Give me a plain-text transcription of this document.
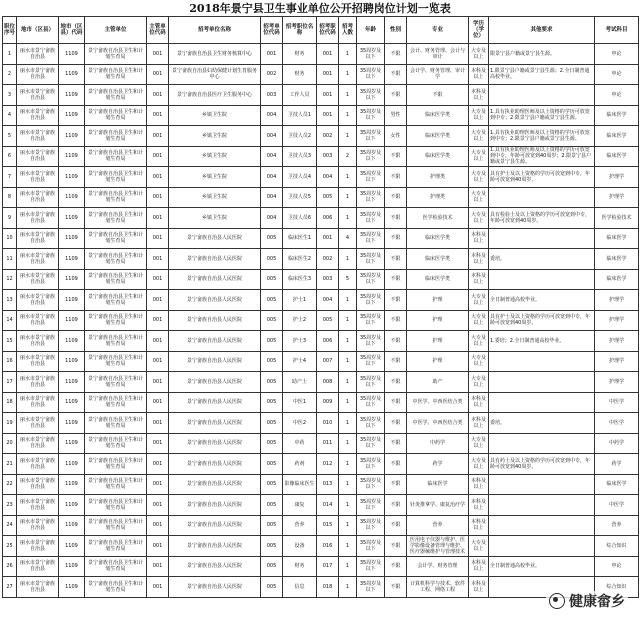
2018年景宁县卫生事业单位公开招聘岗位计划一览表
职位序号	地市（区县）	地市（区县）代码	主管单位	主管单位代码	招考单位名称	招考单位代码	招考职位名称	招考职位代码	招考人数	年龄	性别	专业	学历（学位）	其他要求	考试科目
1	丽水市景宁畲族自治县	1109	景宁畲族自治县卫生和计划生育局	001	景宁畲族自治县卫生财务核算中心	001	财务	001	1	35周岁及以下	不限	会计、财务管理、会计与审计	大专及以上	限景宁县户籍或景宁县生源。	申论
2	丽水市景宁畲族自治县	1109	景宁畲族自治县卫生和计划生育局	001	景宁畲族自治县妇幼保健计划生育服务中心	002	财务	001	1	35周岁及以下	不限	会计学、财务管理、审计学	本科及以上	1.限景宁县户籍或景宁县生源；2.全日制普通高校毕业。	申论
3	丽水市景宁畲族自治县	1109	景宁畲族自治县卫生和计划生育局	001	景宁畲族自治县医疗卫生服务中心	003	工作人员	001	1	35周岁及以下	不限	不限	本科及以上		申论
4	丽水市景宁畲族自治县	1109	景宁畲族自治县卫生和计划生育局	001	乡镇卫生院	004	卫技人员1	001	1	35周岁及以下	男性	临床医学类	大专及以上	1.具有执业助理医师及以上资格的学历可放宽到中专；2.限景宁县户籍或景宁县生源。	临床医学
5	丽水市景宁畲族自治县	1109	景宁畲族自治县卫生和计划生育局	001	乡镇卫生院	004	卫技人员2	002	1	35周岁及以下	女性	临床医学类	大专及以上	1.具有执业助理医师及以上资格的学历可放宽到中专；2.限景宁县户籍或景宁县生源。	临床医学
6	丽水市景宁畲族自治县	1109	景宁畲族自治县卫生和计划生育局	001	乡镇卫生院	004	卫技人员3	003	2	35周岁及以下	不限	临床医学类	大专及以上	1.具有执业助理医师及以上资格的学历可放宽到中专，年龄可放宽到40周岁；2.限景宁县户籍或景宁县生源。	临床医学
7	丽水市景宁畲族自治县	1109	景宁畲族自治县卫生和计划生育局	001	乡镇卫生院	004	卫技人员4	004	1	35周岁及以下	不限	护理类	大专及以上	具有护士及以上资格的学历可放宽到中专，年龄可放宽到40周岁。	护理学
8	丽水市景宁畲族自治县	1109	景宁畲族自治县卫生和计划生育局	001	乡镇卫生院	004	卫技人员5	005	1	35周岁及以下	不限	护理类	大专及以上		护理学
9	丽水市景宁畲族自治县	1109	景宁畲族自治县卫生和计划生育局	001	乡镇卫生院	004	卫技人员6	006	1	35周岁及以下	不限	医学检验技术	大专及以上	具有检验士及以上资格的学历可放宽到中专，年龄可放宽到40周岁。	医学检验技术
10	丽水市景宁畲族自治县	1109	景宁畲族自治县卫生和计划生育局	001	景宁畲族自治县人民医院	005	临床医生1	001	4	35周岁及以下	不限	临床医学类	本科及以上		临床医学
11	丽水市景宁畲族自治县	1109	景宁畲族自治县卫生和计划生育局	001	景宁畲族自治县人民医院	005	临床医生2	002	1	35周岁及以下	不限	临床医学类	本科及以上	委培。	临床医学
12	丽水市景宁畲族自治县	1109	景宁畲族自治县卫生和计划生育局	001	景宁畲族自治县人民医院	005	临床医生3	003	5	35周岁及以下	不限	临床医学类	本科及以上		临床医学
13	丽水市景宁畲族自治县	1109	景宁畲族自治县卫生和计划生育局	001	景宁畲族自治县人民医院	005	护士1	004	1	35周岁及以下	不限	护理	大专及以上	全日制普通高校毕业。	护理学
14	丽水市景宁畲族自治县	1109	景宁畲族自治县卫生和计划生育局	001	景宁畲族自治县人民医院	005	护士2	005	1	35周岁及以下	不限	护理	大专及以上	具有护士及以上资格的学历可放宽到中专，年龄可放宽到40周岁。	护理学
15	丽水市景宁畲族自治县	1109	景宁畲族自治县卫生和计划生育局	001	景宁畲族自治县人民医院	005	护士3	006	1	35周岁及以下	不限	护理	大专及以上	1.委培；2.全日制普通高校毕业。	护理学
16	丽水市景宁畲族自治县	1109	景宁畲族自治县卫生和计划生育局	001	景宁畲族自治县人民医院	005	护士4	007	1	35周岁及以下	不限	护理	大专及以上		护理学
17	丽水市景宁畲族自治县	1109	景宁畲族自治县卫生和计划生育局	001	景宁畲族自治县人民医院	005	助产士	008	1	35周岁及以下	不限	助产	大专及以上		护理学
18	丽水市景宁畲族自治县	1109	景宁畲族自治县卫生和计划生育局	001	景宁畲族自治县人民医院	005	中医1	009	1	35周岁及以下	不限	中医学、中西医结合类	本科及以上		中医学
19	丽水市景宁畲族自治县	1109	景宁畲族自治县卫生和计划生育局	001	景宁畲族自治县人民医院	005	中医2	010	1	35周岁及以下	不限	中医学、中西医结合类	本科及以上	委培。	中医学
20	丽水市景宁畲族自治县	1109	景宁畲族自治县卫生和计划生育局	001	景宁畲族自治县人民医院	005	中药	011	1	35周岁及以下	不限	中药学	大专及以上		中药学
21	丽水市景宁畲族自治县	1109	景宁畲族自治县卫生和计划生育局	001	景宁畲族自治县人民医院	005	药剂	012	1	35周岁及以下	不限	药学	大专及以上	具有药士及以上资格的学历可放宽到中专，年龄可放宽到40周岁。	药学
22	丽水市景宁畲族自治县	1109	景宁畲族自治县卫生和计划生育局	001	景宁畲族自治县人民医院	005	影像临床医生	013	1	35周岁及以下	不限	临床医学	本科及以上		临床医学
23	丽水市景宁畲族自治县	1109	景宁畲族自治县卫生和计划生育局	001	景宁畲族自治县人民医院	005	康复	014	1	35周岁及以下	不限	针灸推拿学、康复治疗学	本科及以上		中医学
24	丽水市景宁畲族自治县	1109	景宁畲族自治县卫生和计划生育局	001	景宁畲族自治县人民医院	005	营养	015	1	35周岁及以下	不限	营养	本科及以上		营养
25	丽水市景宁畲族自治县	1109	景宁畲族自治县卫生和计划生育局	001	景宁畲族自治县人民医院	005	设备	016	1	35周岁及以下	不限	医用电子仪器与维护、医学影像设备管理与维护、医疗器械维护与管理技术	大专及以上		综合知识
26	丽水市景宁畲族自治县	1109	景宁畲族自治县卫生和计划生育局	001	景宁畲族自治县人民医院	005	财务	017	1	35周岁及以下	不限	会计学、财务管理	本科及以上	全日制普通高校毕业。	申论
27	丽水市景宁畲族自治县	1109	景宁畲族自治县卫生和计划生育局	001	景宁畲族自治县人民医院	005	信息	018	1	35周岁及以下	不限	计算机科学与技术、软件工程、网络工程	本科及以上		综合知识
健康畲乡
